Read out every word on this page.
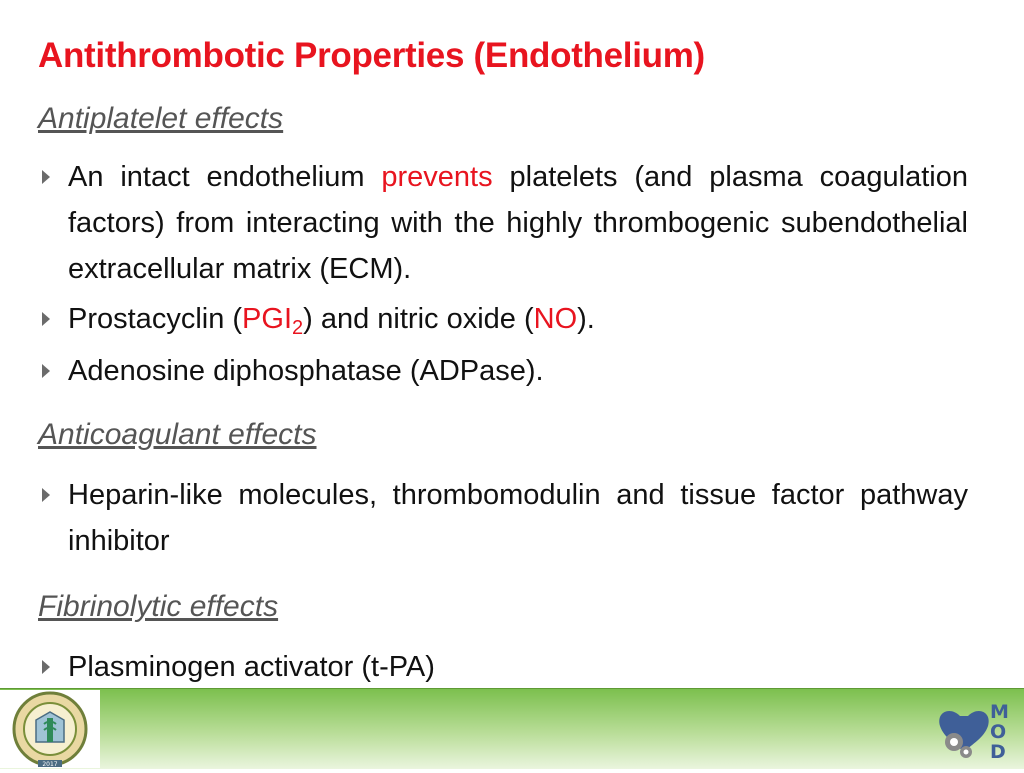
Antithrombotic Properties (Endothelium)
Antiplatelet effects
An intact endothelium prevents platelets (and plasma coagulation factors) from interacting with the highly thrombogenic subendothelial extracellular matrix (ECM).
Prostacyclin $(PGI_2)$ and nitric oxide (NO).
Adenosine diphosphatase (ADPase).
Anticoagulant effects
Heparin-like molecules, thrombomodulin and tissue factor pathway inhibitor
Fibrinolytic effects
Plasminogen activator (t-PA)
2017
M
O
D
